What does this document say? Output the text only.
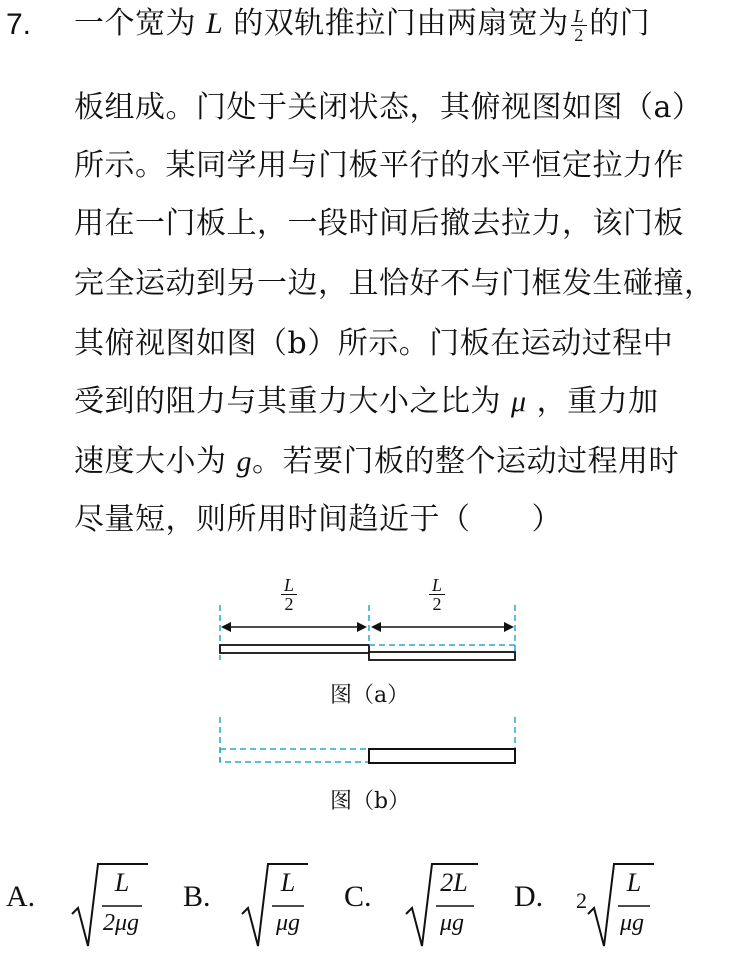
7. 一个宽为 L 的双轨推拉门由两扇宽为 $\frac{L}{2}$ 的门
板组成。门处于关闭状态，其俯视图如图（a）
所示。某同学用与门板平行的水平恒定拉力作
用在一门板上，一段时间后撤去拉力，该门板
完全运动到另一边，且恰好不与门框发生碰撞，
其俯视图如图（b）所示。门板在运动过程中
受到的阻力与其重力大小之比为 μ ，重力加
速度大小为 g。若要门板的整个运动过程用时
尽量短，则所用时间趋近于（　　）
$\frac{L}{2}$	$\frac{L}{2}$
图（a）
图（b）
A.	L
2μg
B.	L
μg
C.	2L
μg
D. 2
L
μg
